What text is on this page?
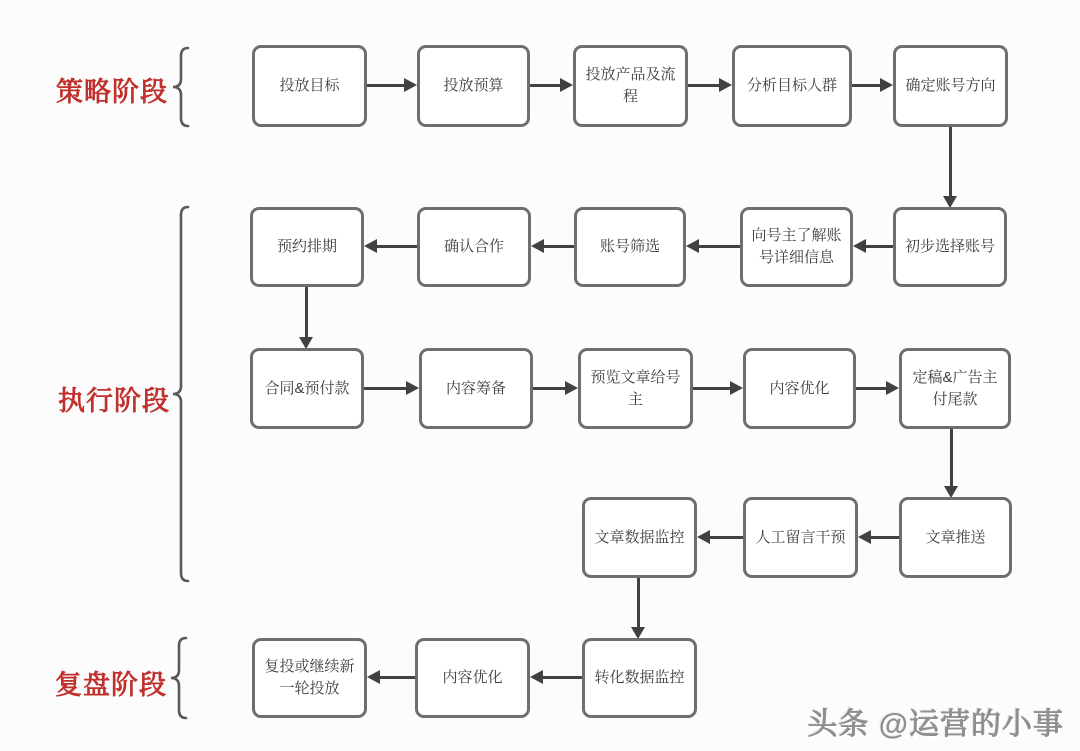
策略阶段
执行阶段
复盘阶段
投放目标	投放预算
投放产品及流程
分析目标人群	确定账号方向
预约排期	确认合作	账号筛选
向号主了解账号详细信息
初步选择账号
合同&预付款	内容筹备
预览文章给号主
内容优化
定稿&广告主付尾款
文章数据监控	人工留言干预	文章推送
复投或继续新一轮投放
内容优化	转化数据监控
头条 @运营的小事
